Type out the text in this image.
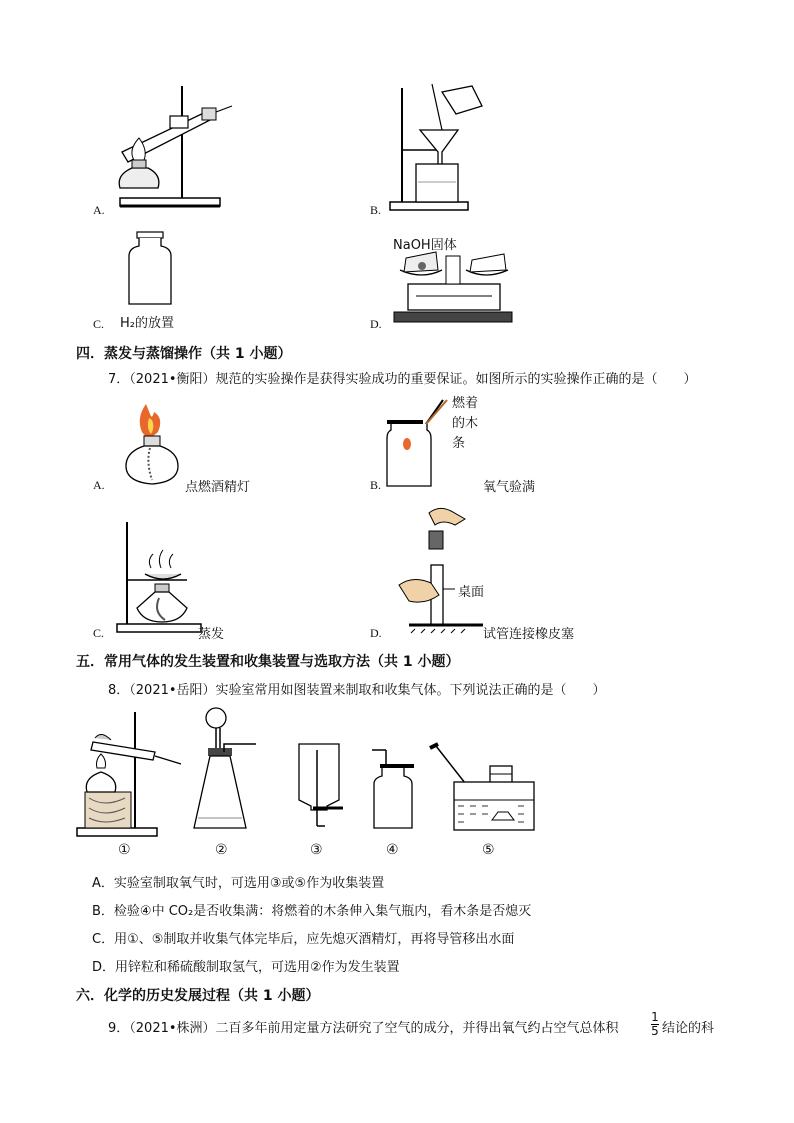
A.	B.
C. H₂的放置
NaOH固体
D.
四．蒸发与蒸馏操作（共 1 小题）
7．（2021•衡阳）规范的实验操作是获得实验成功的重要保证。如图所示的实验操作正确的是（　　）
A.	点燃酒精灯
燃着
的木
条
B.	氧气验满
C.	蒸发
桌面
D.	试管连接橡皮塞
五．常用气体的发生装置和收集装置与选取方法（共 1 小题）
8．（2021•岳阳）实验室常用如图装置来制取和收集气体。下列说法正确的是（　　）
①	②	③	④	⑤
A．实验室制取氧气时，可选用③或⑤作为收集装置
B．检验④中 CO₂是否收集满：将燃着的木条伸入集气瓶内，看木条是否熄灭
C．用①、⑤制取并收集气体完毕后，应先熄灭酒精灯，再将导管移出水面
D．用锌粒和稀硫酸制取氢气，可选用②作为发生装置
六．化学的历史发展过程（共 1 小题）
9．（2021•株洲）二百多年前用定量方法研究了空气的成分，并得出氧气约占空气总体积	$\frac{1}{5}$ 结论的科
